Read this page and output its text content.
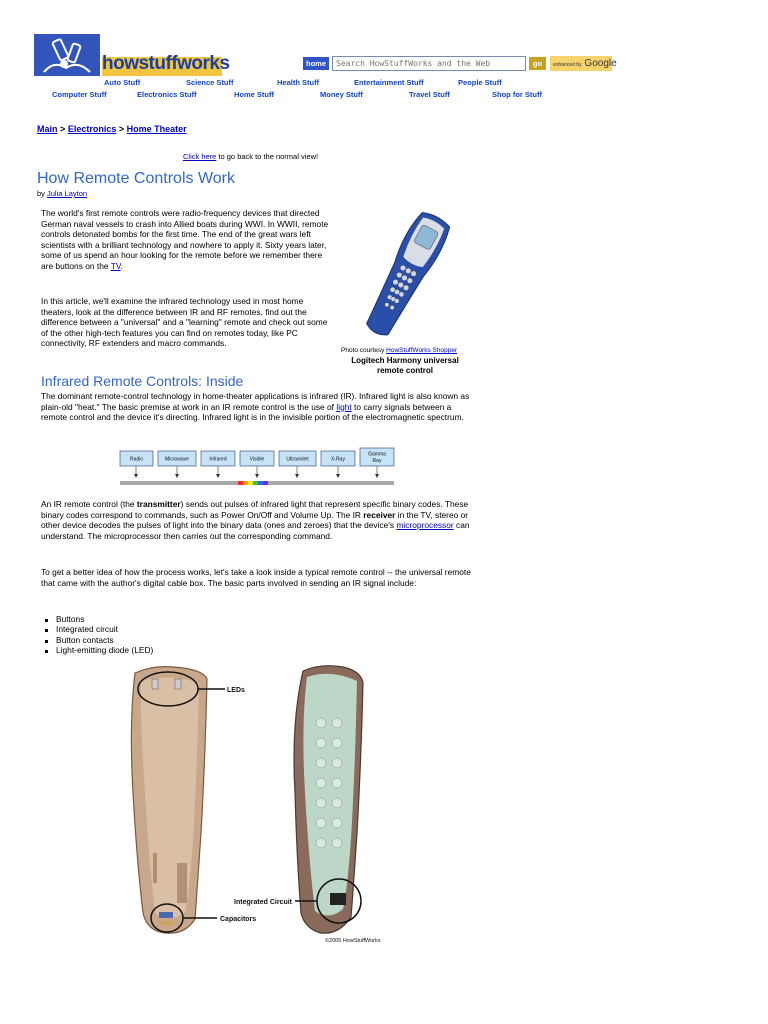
howstuffworks
Auto Stuff	Science Stuff	Health Stuff	Entertainment Stuff	People Stuff
Computer Stuff	Electronics Stuff	Home Stuff	Money Stuff	Travel Stuff	Shop for Stuff
home
Search HowStuffWorks and the Web	go	enhanced by Google
Main > Electronics > Home Theater
Click here to go back to the normal view!
How Remote Controls Work
by Julia Layton

The world's first remote controls were radio-frequency devices that directed German naval vessels to crash into Allied boats during WWI. In WWII, remote controls detonated bombs for the first time. The end of the great wars left scientists with a brilliant technology and nowhere to apply it. Sixty years later, some of us spend an hour looking for the remote before we remember there are buttons on the TV.

In this article, we'll examine the infrared technology used in most home theaters, look at the difference between IR and RF remotes, find out the difference between a "universal" and a "learning" remote and check out some of the other high-tech features you can find on remotes today, like PC connectivity, RF extenders and macro commands.

Photo courtesy HowStuffWorks Shopper
Logitech Harmony universal remote control
Infrared Remote Controls: Inside

The dominant remote-control technology in home-theater applications is infrared (IR). Infrared light is also known as plain-old "heat." The basic premise at work in an IR remote control is the use of light to carry signals between a remote control and the device it's directing. Infrared light is in the invisible portion of the electromagnetic spectrum.

Radio	Microwave	Infrared	Visible	Ultraviolet	X-Ray
Gamma
Ray

An IR remote control (the transmitter) sends out pulses of infrared light that represent specific binary codes. These binary codes correspond to commands, such as Power On/Off and Volume Up. The IR receiver in the TV, stereo or other device decodes the pulses of light into the binary data (ones and zeroes) that the device's microprocessor can understand. The microprocessor then carries out the corresponding command.

To get a better idea of how the process works, let's take a look inside a typical remote control -- the universal remote that came with the author's digital cable box. The basic parts involved in sending an IR signal include:

Buttons
Integrated circuit
Button contacts
Light-emitting diode (LED)
LEDs
Integrated Circuit
Capacitors
©2005 HowStuffWorks
